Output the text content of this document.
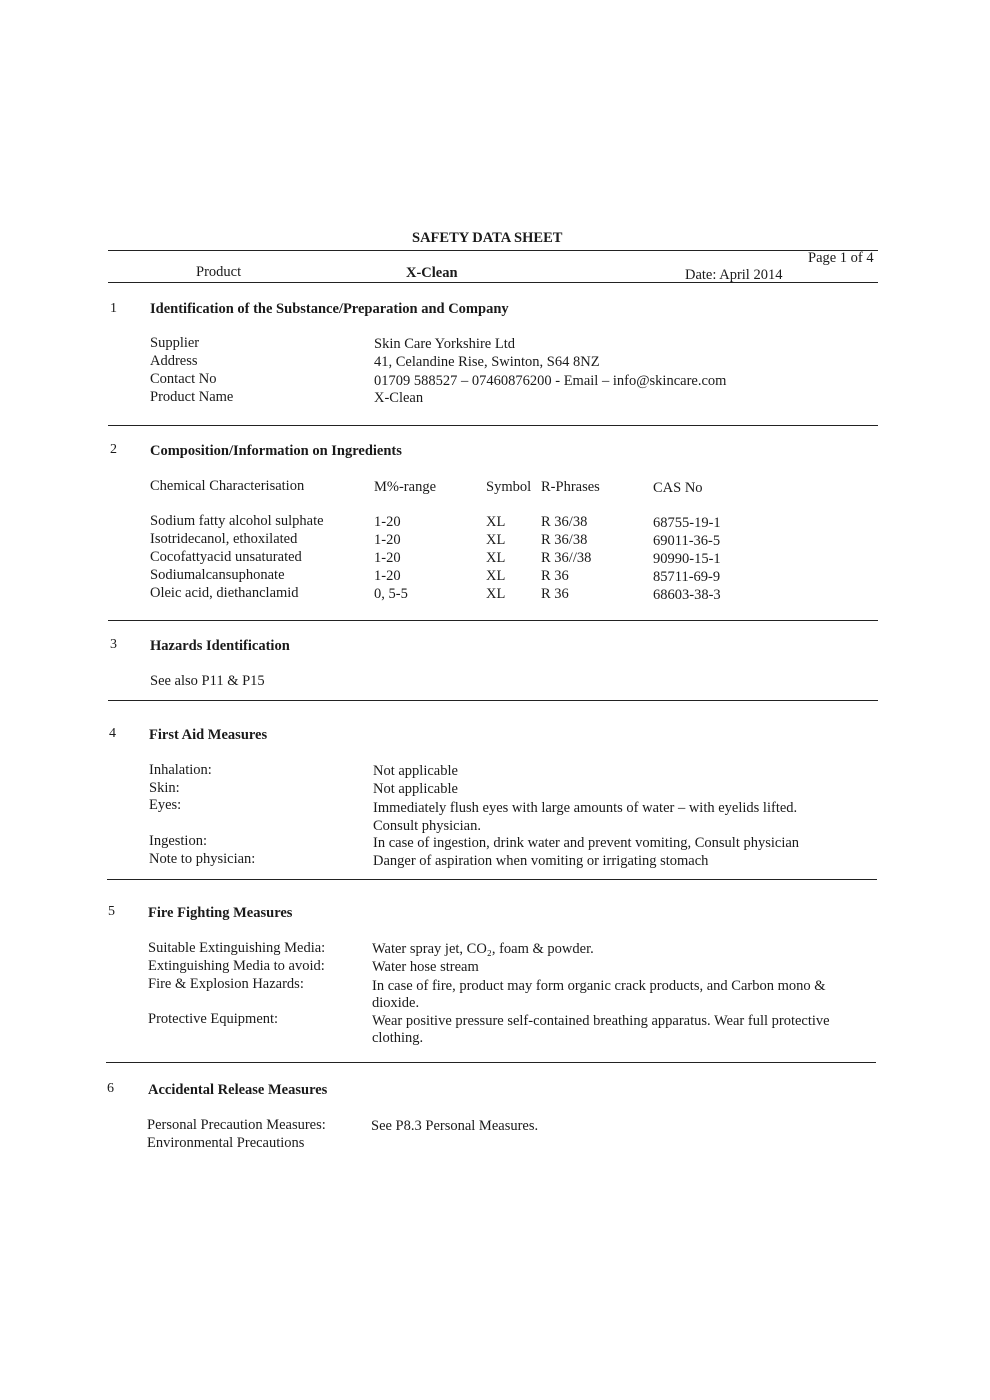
SAFETY DATA SHEET
Page 1 of 4
Product	X-Clean	Date: April 2014
1 Identification of the Substance/Preparation and Company
Supplier	Skin Care Yorkshire Ltd
Address	41, Celandine Rise, Swinton, S64 8NZ
Contact No	01709 588527 – 07460876200 - Email – info@skincare.com
Product Name	X-Clean
2 Composition/Information on Ingredients
Chemical Characterisation	M%-range	Symbol R-Phrases	CAS No
Sodium fatty alcohol sulphate	1-20	XL R 36/38	68755-19-1
Isotridecanol, ethoxilated	1-20	XL R 36/38	69011-36-5
Cocofattyacid unsaturated	1-20	XL R 36//38	90990-15-1
Sodiumalcansuphonate	1-20	XL R 36	85711-69-9
Oleic acid, diethanclamid	0, 5-5	XL R 36	68603-38-3
3 Hazards Identification
See also P11 & P15
4 First Aid Measures
Inhalation:	Not applicable
Skin:	Not applicable
Eyes:	Immediately flush eyes with large amounts of water – with eyelids lifted. Consult physician.
Ingestion:	In case of ingestion, drink water and prevent vomiting, Consult physician
Note to physician:	Danger of aspiration when vomiting or irrigating stomach
5 Fire Fighting Measures
Suitable Extinguishing Media:	Water spray jet, CO₂, foam & powder.
Extinguishing Media to avoid:	Water hose stream
Fire & Explosion Hazards:	In case of fire, product may form organic crack products, and Carbon mono & dioxide.
Protective Equipment:	Wear positive pressure self-contained breathing apparatus. Wear full protective clothing.
6 Accidental Release Measures
Personal Precaution Measures:	See P8.3 Personal Measures.
Environmental Precautions
